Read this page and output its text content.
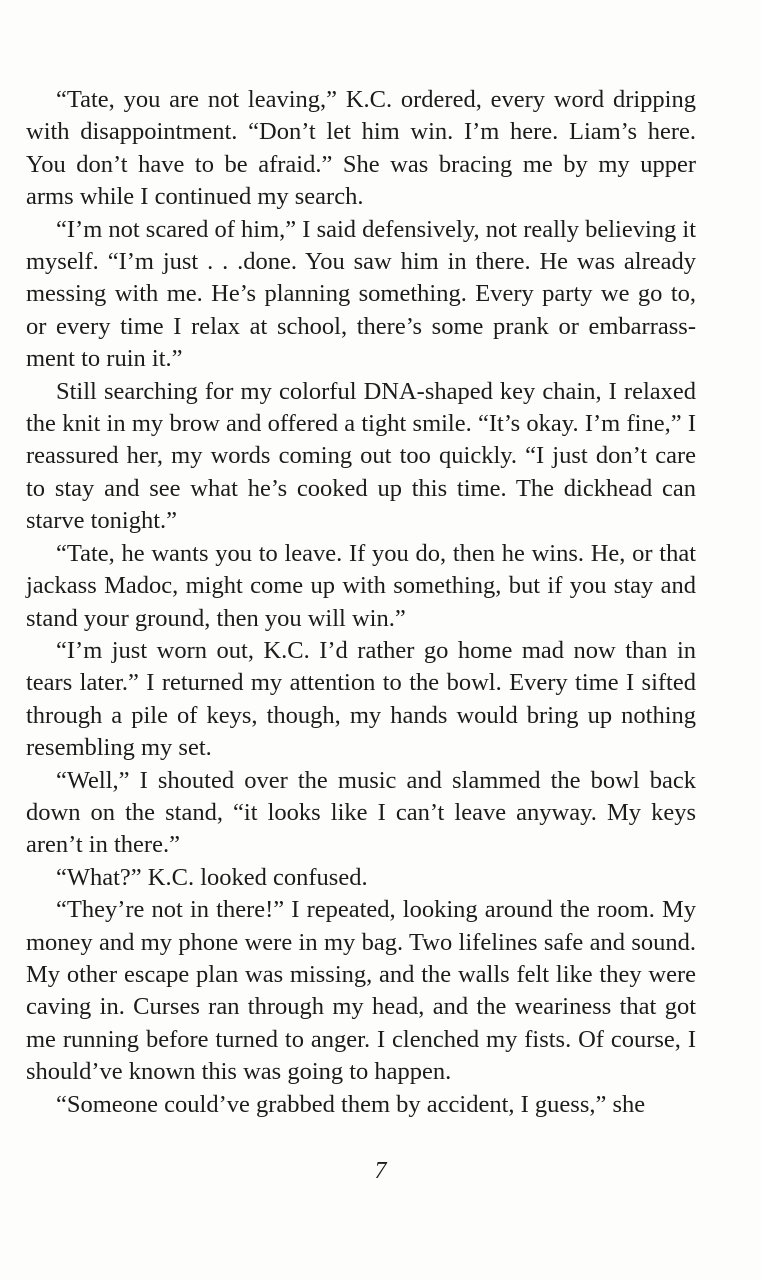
“Tate, you are not leaving,” K.C. ordered, every word dripping with disappointment. “Don’t let him win. I’m here. Liam’s here. You don’t have to be afraid.” She was bracing me by my upper arms while I continued my search.

“I’m not scared of him,” I said defensively, not really believing it myself. “I’m just . . .done. You saw him in there. He was already messing with me. He’s planning something. Every party we go to, or every time I relax at school, there’s some prank or embarrassment to ruin it.”

Still searching for my colorful DNA-shaped key chain, I relaxed the knit in my brow and offered a tight smile. “It’s okay. I’m fine,” I reassured her, my words coming out too quickly. “I just don’t care to stay and see what he’s cooked up this time. The dickhead can starve tonight.”

“Tate, he wants you to leave. If you do, then he wins. He, or that jackass Madoc, might come up with something, but if you stay and stand your ground, then you will win.”

“I’m just worn out, K.C. I’d rather go home mad now than in tears later.” I returned my attention to the bowl. Every time I sifted through a pile of keys, though, my hands would bring up nothing resembling my set.

“Well,” I shouted over the music and slammed the bowl back down on the stand, “it looks like I can’t leave anyway. My keys aren’t in there.”

“What?” K.C. looked confused.

“They’re not in there!” I repeated, looking around the room. My money and my phone were in my bag. Two lifelines safe and sound. My other escape plan was missing, and the walls felt like they were caving in. Curses ran through my head, and the weariness that got me running before turned to anger. I clenched my fists. Of course, I should’ve known this was going to happen.

“Someone could’ve grabbed them by accident, I guess,” she

7
